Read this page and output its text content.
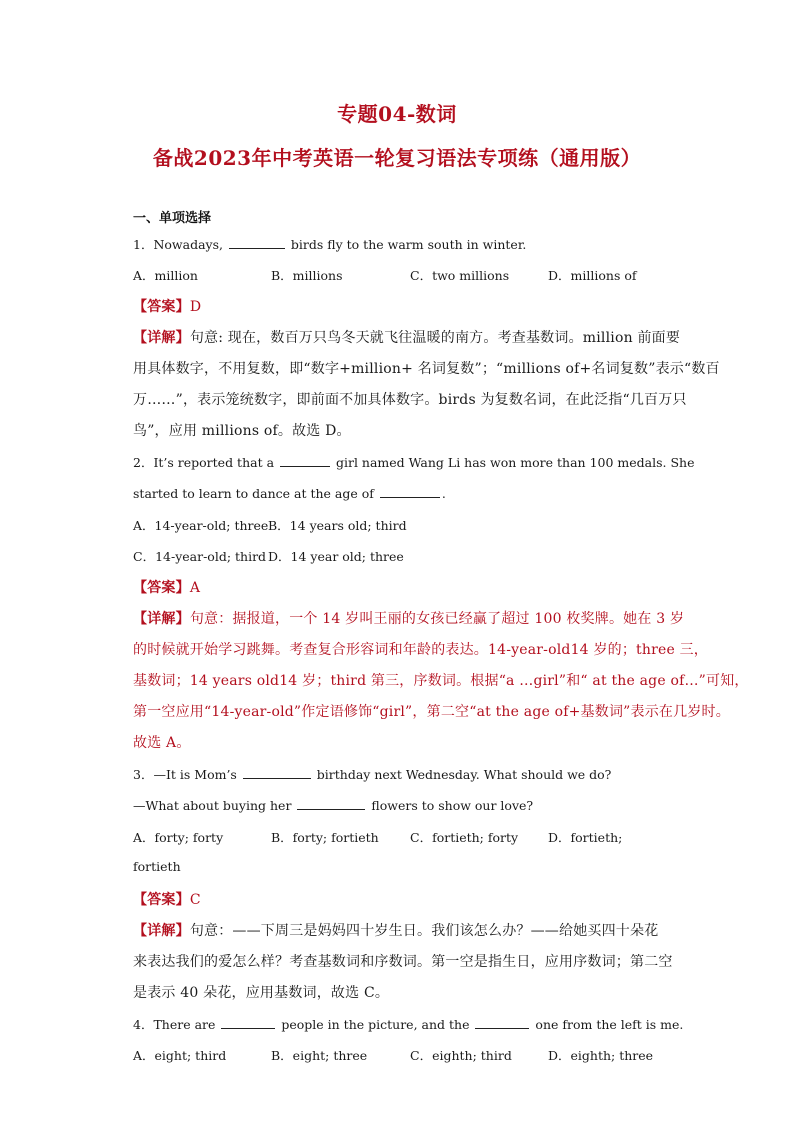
专题04-数词
备战2023年中考英语一轮复习语法专项练（通用版）
一、单项选择
1．Nowadays,	birds fly to the warm south in winter.
A．million	B．millions	C．two millions	D．millions of
【答案】D
【详解】句意: 现在，数百万只鸟冬天就飞往温暖的南方。考查基数词。million 前面要
用具体数字，不用复数，即“数字+million+ 名词复数”；“millions of+名词复数”表示“数百
万……”，表示笼统数字，即前面不加具体数字。birds 为复数名词，在此泛指“几百万只
鸟”，应用 millions of。故选 D。
2．It’s reported that a	girl named Wang Li has won more than 100 medals. She
started to learn to dance at the age of	.
A．14-year-old; three B．14 years old; third
C．14-year-old; third D．14 year old; three
【答案】A
【详解】句意：据报道，一个 14 岁叫王丽的女孩已经赢了超过 100 枚奖牌。她在 3 岁
的时候就开始学习跳舞。考查复合形容词和年龄的表达。14-year-old14 岁的；three 三，
基数词；14 years old14 岁；third 第三，序数词。根据“a …girl”和“ at the age of…”可知，
第一空应用“14-year-old”作定语修饰“girl”，第二空“at the age of+基数词”表示在几岁时。
故选 A。
3．—It is Mom’s	birthday next Wednesday. What should we do?
—What about buying her	flowers to show our love?
A．forty; forty	B．forty; fortieth	C．fortieth; forty D．fortieth;
fortieth
【答案】C
【详解】句意：——下周三是妈妈四十岁生日。我们该怎么办？——给她买四十朵花
来表达我们的爱怎么样？考查基数词和序数词。第一空是指生日，应用序数词；第二空
是表示 40 朵花，应用基数词，故选 C。
4．There are	people in the picture, and the	one from the left is me.
A．eight; third	B．eight; three	C．eighth; third	D．eighth; three
